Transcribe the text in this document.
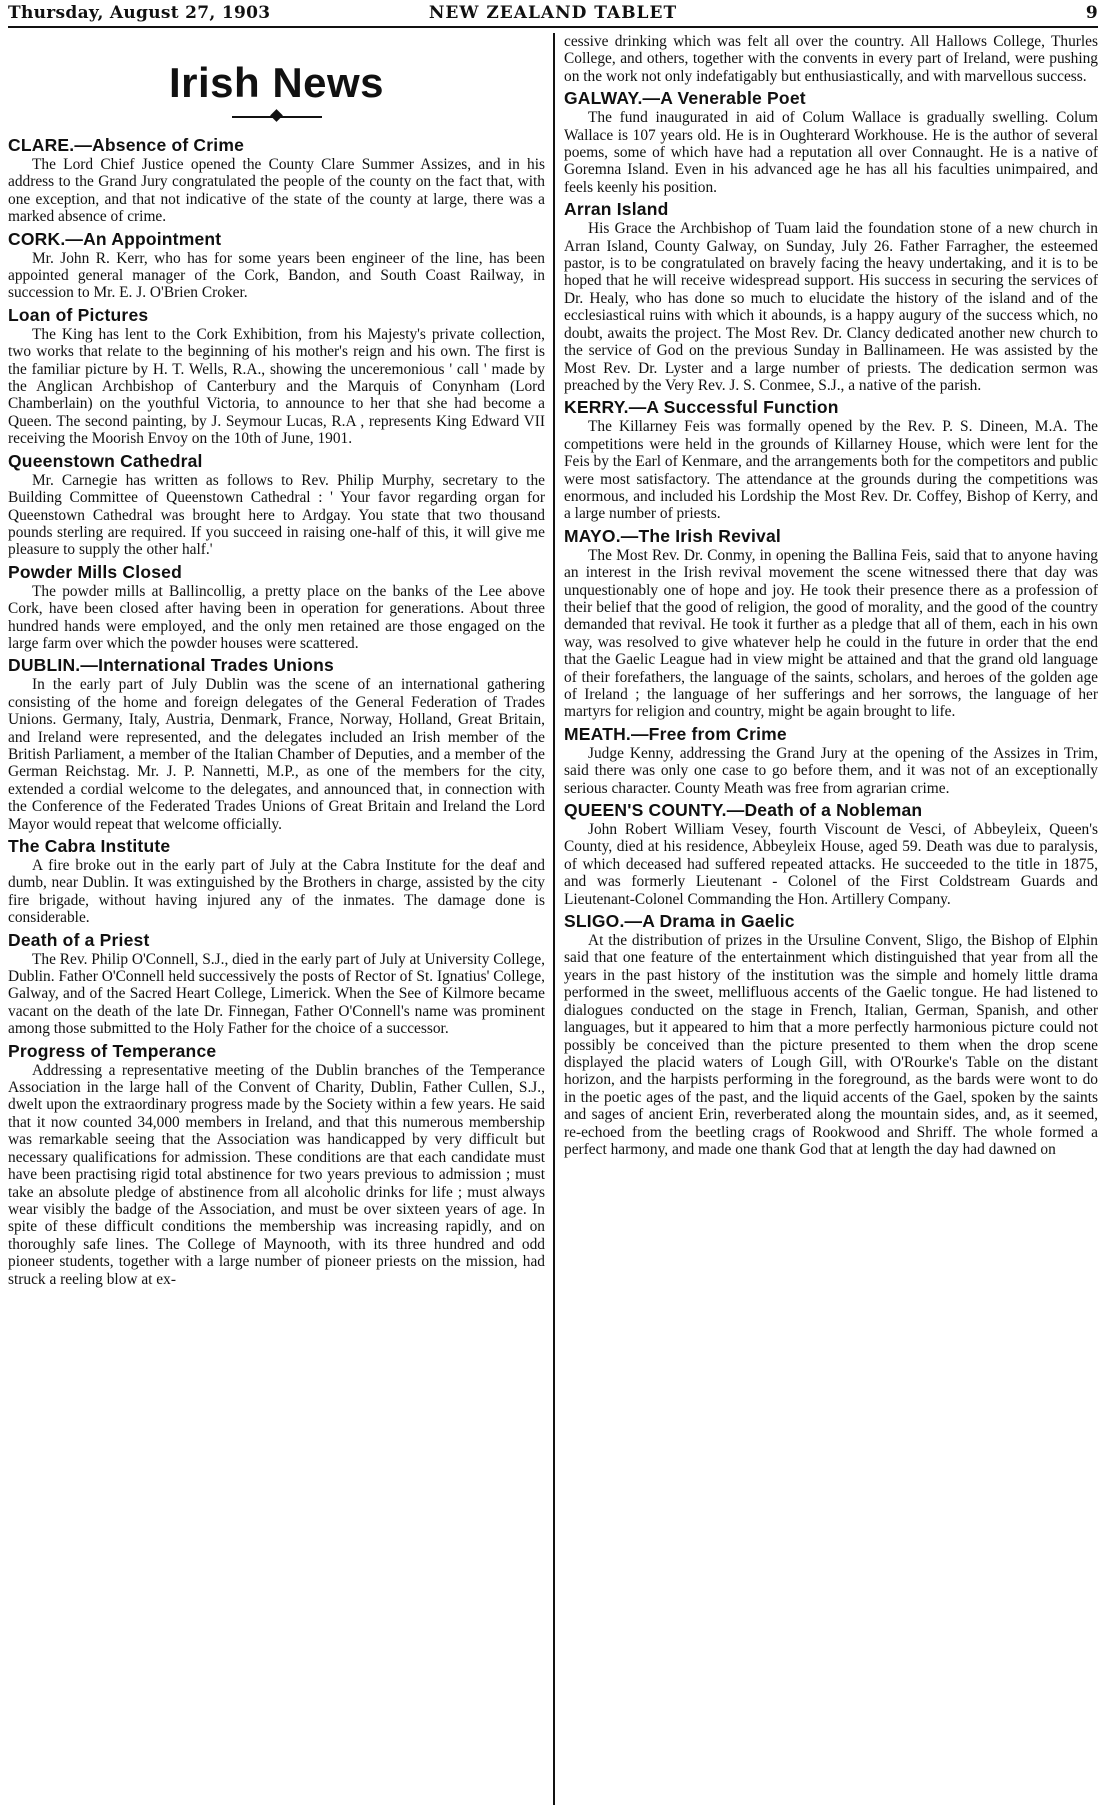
Thursday, August 27, 1903	NEW ZEALAND TABLET	9
Irish News
CLARE.—Absence of Crime

The Lord Chief Justice opened the County Clare Summer Assizes, and in his address to the Grand Jury congratulated the people of the county on the fact that, with one exception, and that not indicative of the state of the county at large, there was a marked absence of crime.

CORK.—An Appointment

Mr. John R. Kerr, who has for some years been engineer of the line, has been appointed general manager of the Cork, Bandon, and South Coast Railway, in succession to Mr. E. J. O'Brien Croker.

Loan of Pictures

The King has lent to the Cork Exhibition, from his Majesty's private collection, two works that relate to the beginning of his mother's reign and his own. The first is the familiar picture by H. T. Wells, R.A., showing the unceremonious ' call ' made by the Anglican Archbishop of Canterbury and the Marquis of Conynham (Lord Chamberlain) on the youthful Victoria, to announce to her that she had become a Queen. The second painting, by J. Seymour Lucas, R.A , represents King Edward VII receiving the Moorish Envoy on the 10th of June, 1901.

Queenstown Cathedral

Mr. Carnegie has written as follows to Rev. Philip Murphy, secretary to the Building Committee of Queenstown Cathedral : ' Your favor regarding organ for Queenstown Cathedral was brought here to Ardgay. You state that two thousand pounds sterling are required. If you succeed in raising one-half of this, it will give me pleasure to supply the other half.'

Powder Mills Closed

The powder mills at Ballincollig, a pretty place on the banks of the Lee above Cork, have been closed after having been in operation for generations. About three hundred hands were employed, and the only men retained are those engaged on the large farm over which the powder houses were scattered.

DUBLIN.—International Trades Unions

In the early part of July Dublin was the scene of an international gathering consisting of the home and foreign delegates of the General Federation of Trades Unions. Germany, Italy, Austria, Denmark, France, Norway, Holland, Great Britain, and Ireland were represented, and the delegates included an Irish member of the British Parliament, a member of the Italian Chamber of Deputies, and a member of the German Reichstag. Mr. J. P. Nannetti, M.P., as one of the members for the city, extended a cordial welcome to the delegates, and announced that, in connection with the Conference of the Federated Trades Unions of Great Britain and Ireland the Lord Mayor would repeat that welcome officially.

The Cabra Institute

A fire broke out in the early part of July at the Cabra Institute for the deaf and dumb, near Dublin. It was extinguished by the Brothers in charge, assisted by the city fire brigade, without having injured any of the inmates. The damage done is considerable.

Death of a Priest

The Rev. Philip O'Connell, S.J., died in the early part of July at University College, Dublin. Father O'Connell held successively the posts of Rector of St. Ignatius' College, Galway, and of the Sacred Heart College, Limerick. When the See of Kilmore became vacant on the death of the late Dr. Finnegan, Father O'Connell's name was prominent among those submitted to the Holy Father for the choice of a successor.

Progress of Temperance

Addressing a representative meeting of the Dublin branches of the Temperance Association in the large hall of the Convent of Charity, Dublin, Father Cullen, S.J., dwelt upon the extraordinary progress made by the Society within a few years. He said that it now counted 34,000 members in Ireland, and that this numerous membership was remarkable seeing that the Association was handicapped by very difficult but necessary qualifications for admission. These conditions are that each candidate must have been practising rigid total abstinence for two years previous to admission ; must take an absolute pledge of abstinence from all alcoholic drinks for life ; must always wear visibly the badge of the Association, and must be over sixteen years of age. In spite of these difficult conditions the membership was increasing rapidly, and on thoroughly safe lines. The College of Maynooth, with its three hundred and odd pioneer students, together with a large number of pioneer priests on the mission, had struck a reeling blow at ex-

cessive drinking which was felt all over the country. All Hallows College, Thurles College, and others, together with the convents in every part of Ireland, were pushing on the work not only indefatigably but enthusiastically, and with marvellous success.

GALWAY.—A Venerable Poet

The fund inaugurated in aid of Colum Wallace is gradually swelling. Colum Wallace is 107 years old. He is in Oughterard Workhouse. He is the author of several poems, some of which have had a reputation all over Connaught. He is a native of Goremna Island. Even in his advanced age he has all his faculties unimpaired, and feels keenly his position.

Arran Island

His Grace the Archbishop of Tuam laid the foundation stone of a new church in Arran Island, County Galway, on Sunday, July 26. Father Farragher, the esteemed pastor, is to be congratulated on bravely facing the heavy undertaking, and it is to be hoped that he will receive widespread support. His success in securing the services of Dr. Healy, who has done so much to elucidate the history of the island and of the ecclesiastical ruins with which it abounds, is a happy augury of the success which, no doubt, awaits the project. The Most Rev. Dr. Clancy dedicated another new church to the service of God on the previous Sunday in Ballinameen. He was assisted by the Most Rev. Dr. Lyster and a large number of priests. The dedication sermon was preached by the Very Rev. J. S. Conmee, S.J., a native of the parish.

KERRY.—A Successful Function

The Killarney Feis was formally opened by the Rev. P. S. Dineen, M.A. The competitions were held in the grounds of Killarney House, which were lent for the Feis by the Earl of Kenmare, and the arrangements both for the competitors and public were most satisfactory. The attendance at the grounds during the competitions was enormous, and included his Lordship the Most Rev. Dr. Coffey, Bishop of Kerry, and a large number of priests.

MAYO.—The Irish Revival

The Most Rev. Dr. Conmy, in opening the Ballina Feis, said that to anyone having an interest in the Irish revival movement the scene witnessed there that day was unquestionably one of hope and joy. He took their presence there as a profession of their belief that the good of religion, the good of morality, and the good of the country demanded that revival. He took it further as a pledge that all of them, each in his own way, was resolved to give whatever help he could in the future in order that the end that the Gaelic League had in view might be attained and that the grand old language of their forefathers, the language of the saints, scholars, and heroes of the golden age of Ireland ; the language of her sufferings and her sorrows, the language of her martyrs for religion and country, might be again brought to life.

MEATH.—Free from Crime

Judge Kenny, addressing the Grand Jury at the opening of the Assizes in Trim, said there was only one case to go before them, and it was not of an exceptionally serious character. County Meath was free from agrarian crime.

QUEEN'S COUNTY.—Death of a Nobleman

John Robert William Vesey, fourth Viscount de Vesci, of Abbeyleix, Queen's County, died at his residence, Abbeyleix House, aged 59. Death was due to paralysis, of which deceased had suffered repeated attacks. He succeeded to the title in 1875, and was formerly Lieutenant - Colonel of the First Coldstream Guards and Lieutenant-Colonel Commanding the Hon. Artillery Company.

SLIGO.—A Drama in Gaelic

At the distribution of prizes in the Ursuline Convent, Sligo, the Bishop of Elphin said that one feature of the entertainment which distinguished that year from all the years in the past history of the institution was the simple and homely little drama performed in the sweet, mellifluous accents of the Gaelic tongue. He had listened to dialogues conducted on the stage in French, Italian, German, Spanish, and other languages, but it appeared to him that a more perfectly harmonious picture could not possibly be conceived than the picture presented to them when the drop scene displayed the placid waters of Lough Gill, with O'Rourke's Table on the distant horizon, and the harpists performing in the foreground, as the bards were wont to do in the poetic ages of the past, and the liquid accents of the Gael, spoken by the saints and sages of ancient Erin, reverberated along the mountain sides, and, as it seemed, re-echoed from the beetling crags of Rookwood and Shriff. The whole formed a perfect harmony, and made one thank God that at length the day had dawned on
